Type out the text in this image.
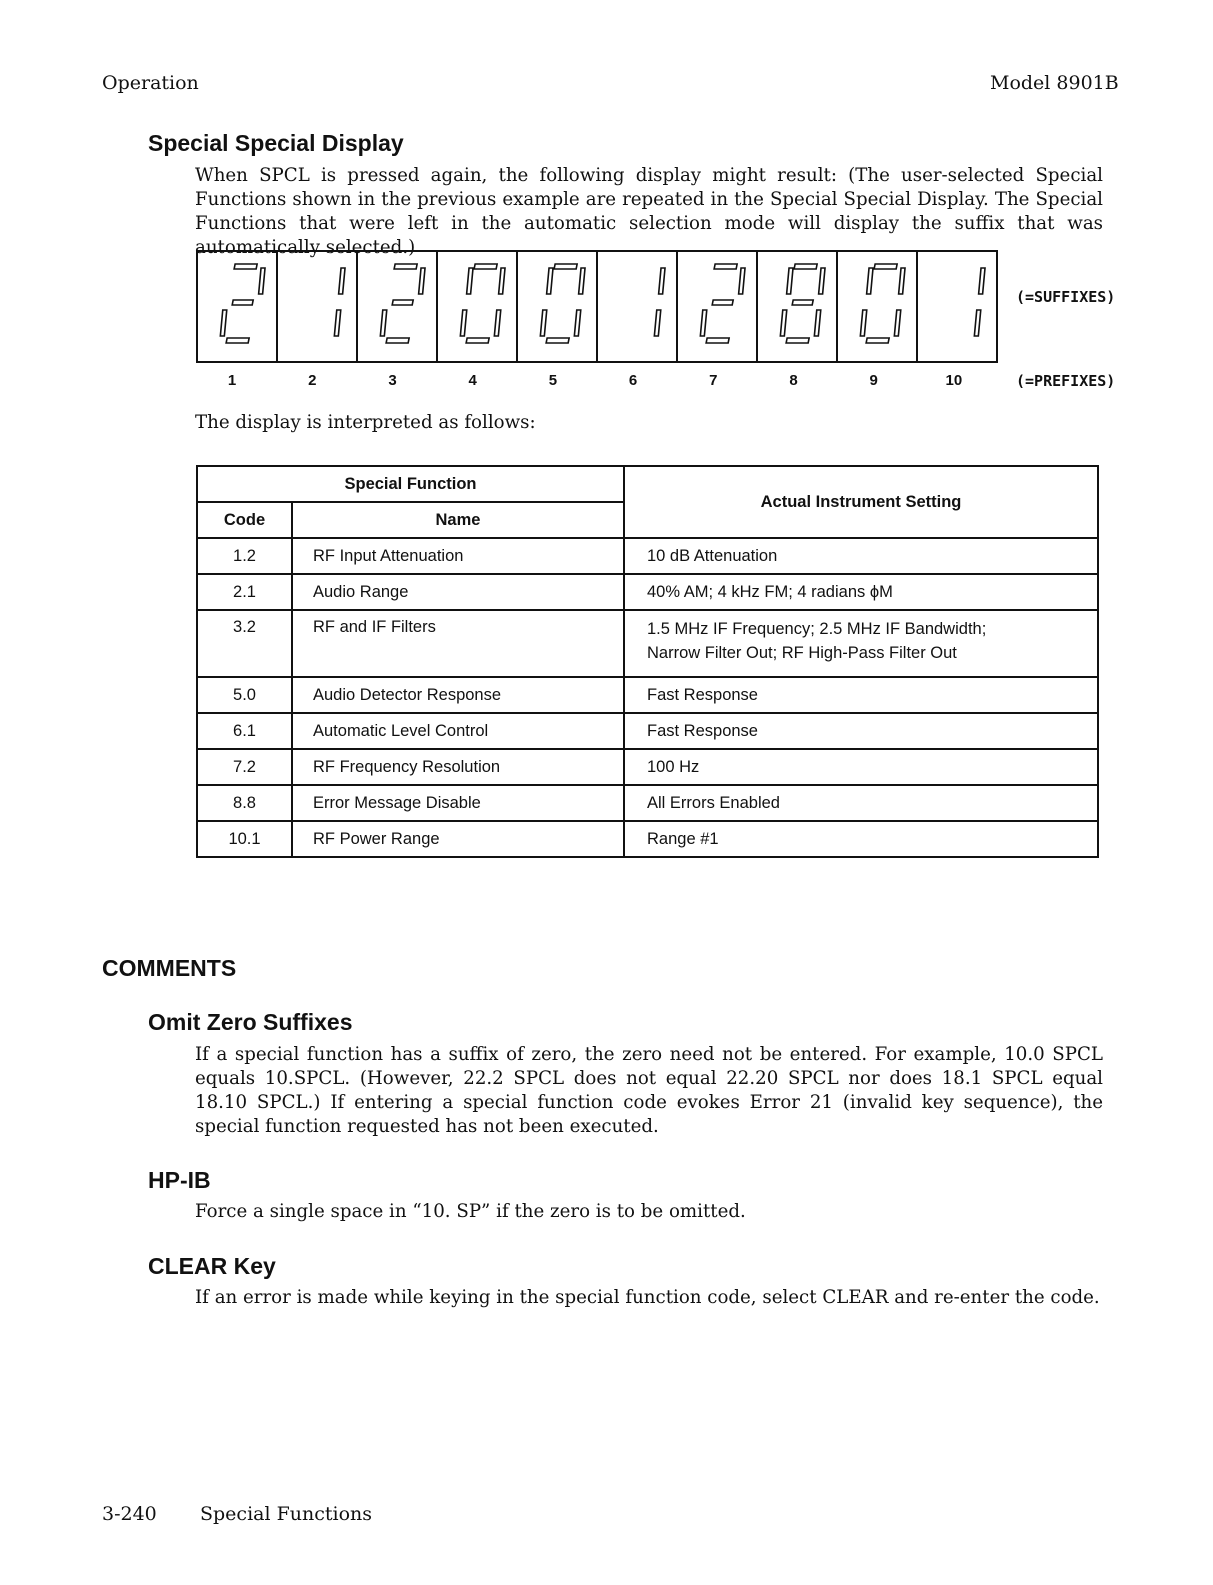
Operation	Model 8901B
Special Special Display
When SPCL is pressed again, the following display might result: (The user-selected Special Functions shown in the previous example are repeated in the Special Special Display. The Special Functions that were left in the automatic selection mode will display the suffix that was automatically selected.)
(=SUFFIXES)
(=PREFIXES)
1	2	3	4	5	6	7	8	9	10
The display is interpreted as follows:
Special Function		Actual Instrument Setting
Code	Name	
1.2	RF Input Attenuation	10 dB Attenuation
2.1	Audio Range	40% AM; 4 kHz FM; 4 radians ϕM
3.2	RF and IF Filters	1.5 MHz IF Frequency; 2.5 MHz IF Bandwidth;
Narrow Filter Out; RF High-Pass Filter Out

5.0	Audio Detector Response	Fast Response
6.1	Automatic Level Control	Fast Response
7.2	RF Frequency Resolution	100 Hz
8.8	Error Message Disable	All Errors Enabled
10.1	RF Power Range	Range #1
COMMENTS
Omit Zero Suffixes
If a special function has a suffix of zero, the zero need not be entered. For example, 10.0 SPCL equals 10.SPCL. (However, 22.2 SPCL does not equal 22.20 SPCL nor does 18.1 SPCL equal 18.10 SPCL.) If entering a special function code evokes Error 21 (invalid key sequence), the special function requested has not been executed.
HP-IB
Force a single space in “10. SP” if the zero is to be omitted.
CLEAR Key
If an error is made while keying in the special function code, select CLEAR and re-enter the code.
3-240 Special Functions
